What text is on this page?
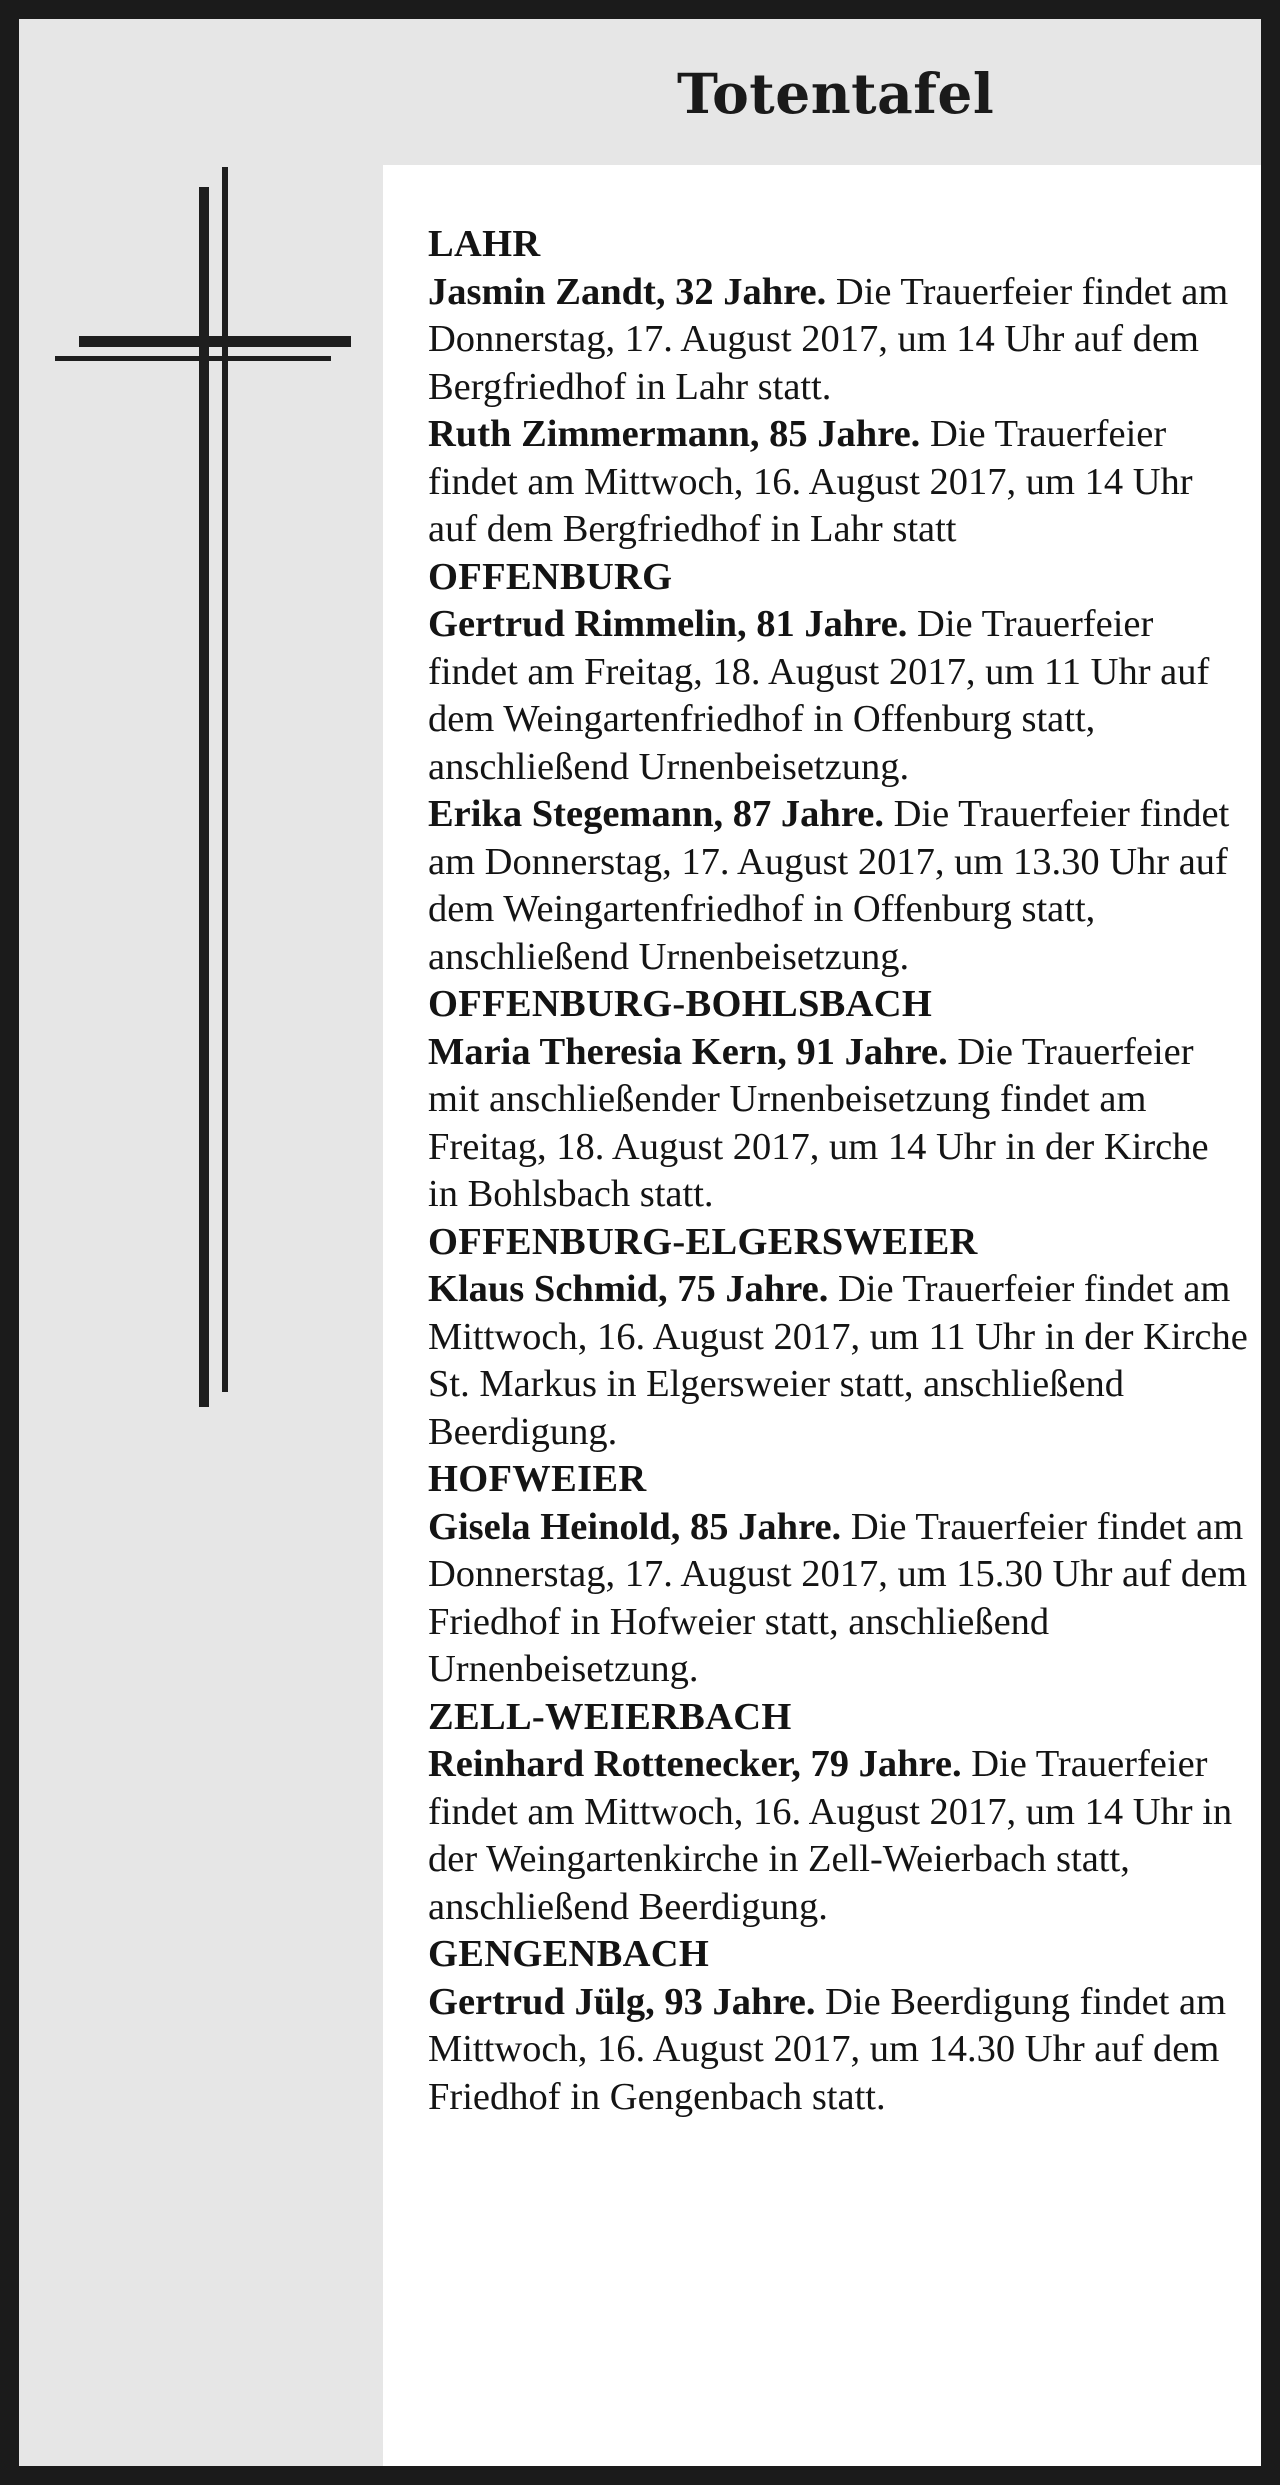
Totentafel
LAHR

Jasmin Zandt, 32 Jahre. Die Trauerfeier findet am Donnerstag, 17. August 2017, um 14 Uhr auf dem Bergfriedhof in Lahr statt.

Ruth Zimmermann, 85 Jahre. Die Trauerfeier findet am Mittwoch, 16. August 2017, um 14 Uhr auf dem Bergfriedhof in Lahr statt

OFFENBURG

Gertrud Rimmelin, 81 Jahre. Die Trauerfeier findet am Freitag, 18. August 2017, um 11 Uhr auf dem Weingartenfriedhof in Offenburg statt, anschließend Urnenbeisetzung.

Erika Stegemann, 87 Jahre. Die Trauerfeier findet am Donnerstag, 17. August 2017, um 13.30 Uhr auf dem Weingartenfriedhof in Offenburg statt, anschließend Urnenbeisetzung.

OFFENBURG-BOHLSBACH

Maria Theresia Kern, 91 Jahre. Die Trauerfeier mit anschließender Urnenbeisetzung findet am Freitag, 18. August 2017, um 14 Uhr in der Kirche in Bohlsbach statt.

OFFENBURG-ELGERSWEIER

Klaus Schmid, 75 Jahre. Die Trauerfeier findet am Mittwoch, 16. August 2017, um 11 Uhr in der Kirche St. Markus in Elgersweier statt, anschließend Beerdigung.

HOFWEIER

Gisela Heinold, 85 Jahre. Die Trauerfeier findet am Donnerstag, 17. August 2017, um 15.30 Uhr auf dem Friedhof in Hofweier statt, anschließend Urnenbeisetzung.

ZELL-WEIERBACH

Reinhard Rottenecker, 79 Jahre. Die Trauerfeier findet am Mittwoch, 16. August 2017, um 14 Uhr in der Weingartenkirche in Zell-Weierbach statt, anschließend Beerdigung.

GENGENBACH

Gertrud Jülg, 93 Jahre. Die Beerdigung findet am Mittwoch, 16. August 2017, um 14.30 Uhr auf dem Friedhof in Gengenbach statt.
